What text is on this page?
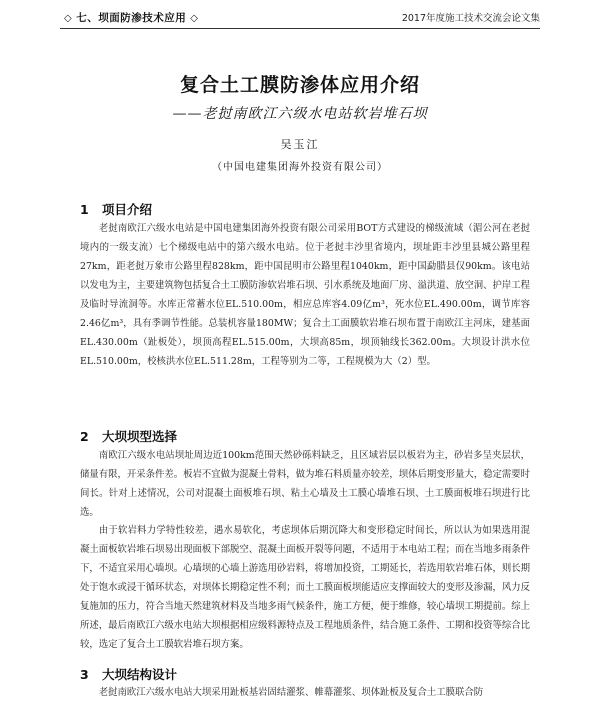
◇ 七、坝面防渗技术应用 ◇	2017年度施工技术交流会论文集
复合土工膜防渗体应用介绍
——老挝南欧江六级水电站软岩堆石坝
吴玉江
（中国电建集团海外投资有限公司）
1 项目介绍

老挝南欧江六级水电站是中国电建集团海外投资有限公司采用BOT方式建设的梯级流域（湄公河在老挝境内的一级支流）七个梯级电站中的第六级水电站。位于老挝丰沙里省境内，坝址距丰沙里县城公路里程27km，距老挝万象市公路里程828km，距中国昆明市公路里程1040km，距中国勐腊县仅90km。该电站以发电为主，主要建筑物包括复合土工膜防渗软岩堆石坝、引水系统及地面厂房、溢洪道、放空洞、护岸工程及临时导流洞等。水库正常蓄水位EL.510.00m，相应总库容4.09亿m³，死水位EL.490.00m，调节库容2.46亿m³，具有季调节性能。总装机容量180MW；复合土工面膜软岩堆石坝布置于南欧江主河床，建基面EL.430.00m（趾板处），坝顶高程EL.515.00m，大坝高85m，坝顶轴线长362.00m。大坝设计洪水位EL.510.00m，校核洪水位EL.511.28m，工程等别为二等，工程规模为大（2）型。

2 大坝坝型选择

南欧江六级水电站坝址周边近100km范围天然砂砾料缺乏，且区域岩层以板岩为主，砂岩多呈夹层状，储量有限，开采条件差。板岩不宜做为混凝土骨料，做为堆石料质量亦较差，坝体后期变形量大，稳定需要时间长。针对上述情况，公司对混凝土面板堆石坝、粘土心墙及土工膜心墙堆石坝、土工膜面板堆石坝进行比选。

由于软岩料力学特性较差，遇水易软化，考虑坝体后期沉降大和变形稳定时间长，所以认为如果选用混凝土面板软岩堆石坝易出现面板下部脱空、混凝土面板开裂等问题，不适用于本电站工程；而在当地多雨条件下，不适宜采用心墙坝。心墙坝的心墙上游选用砂岩料，将增加投资，工期延长，若选用软岩堆石体，则长期处于饱水或浸干循环状态，对坝体长期稳定性不利；而土工膜面板坝能适应支撑面较大的变形及渗漏，风力反复施加的压力，符合当地天然建筑材料及当地多雨气候条件，施工方便，便于维修，较心墙坝工期提前。综上所述，最后南欧江六级水电站大坝根据相应级料源特点及工程地质条件，结合施工条件、工期和投资等综合比较，选定了复合土工膜软岩堆石坝方案。

3 大坝结构设计

老挝南欧江六级水电站大坝采用趾板基岩固结灌浆、帷幕灌浆、坝体趾板及复合土工膜联合防
